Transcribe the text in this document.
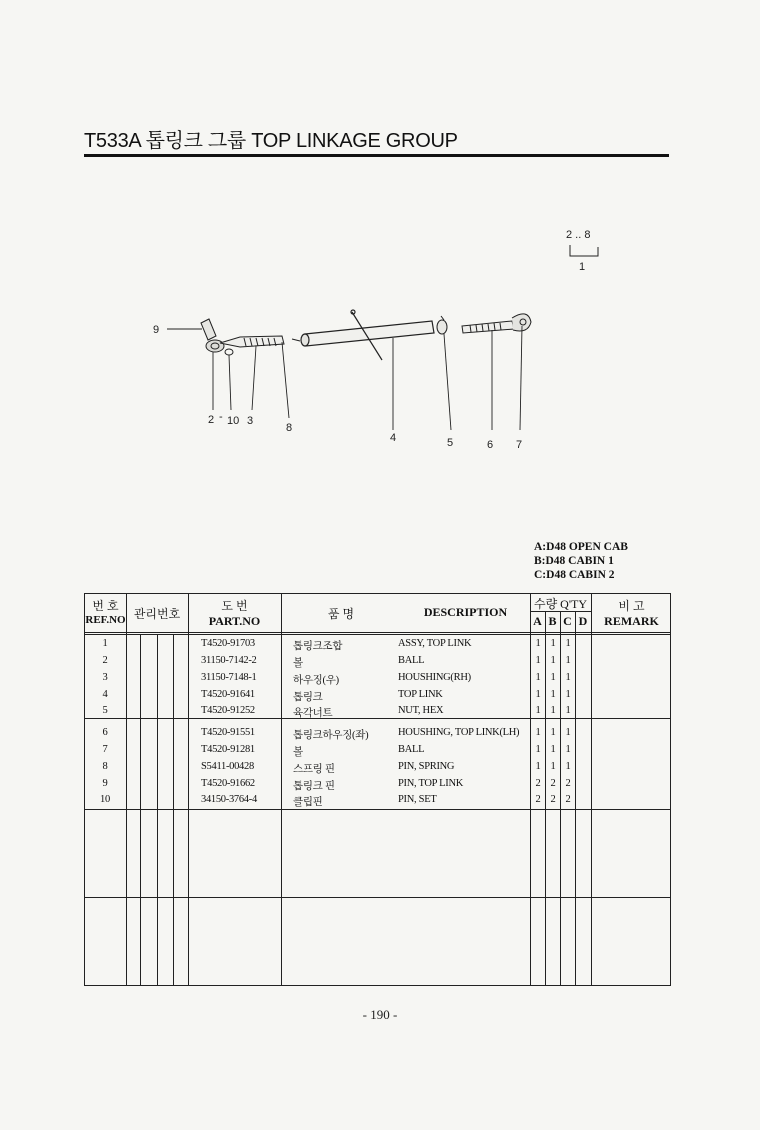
T533A 톱링크 그룹 TOP LINKAGE GROUP
2 .. 8
1
9
2 - 10 3
8
4	5	6 7
A:D48 OPEN CAB
B:D48 CABIN 1
C:D48 CABIN 2
번 호
REF.NO 관리번호
도 번
PART.NO	품 명	DESCRIPTION
수량 Q'TY
A B C D
비 고
REMARK
1	T4520-91703	톱링크조합	ASSY, TOP LINK	1 1 1
2	31150-7142-2	볼	BALL	1 1 1
3	31150-7148-1	하우징(우)	HOUSHING(RH)	1 1 1
4	T4520-91641	톱링크	TOP LINK	1 1 1
5	T4520-91252	육각너트	NUT, HEX	1 1 1
6	T4520-91551	톱링크하우징(좌)	HOUSHING, TOP LINK(LH)	1 1 1
7	T4520-91281	볼	BALL	1 1 1
8	S5411-00428	스프링 핀	PIN, SPRING	1 1 1
9	T4520-91662	톱링크 핀	PIN, TOP LINK	2 2 2
10	34150-3764-4	클립핀	PIN, SET	2 2 2
- 190 -
